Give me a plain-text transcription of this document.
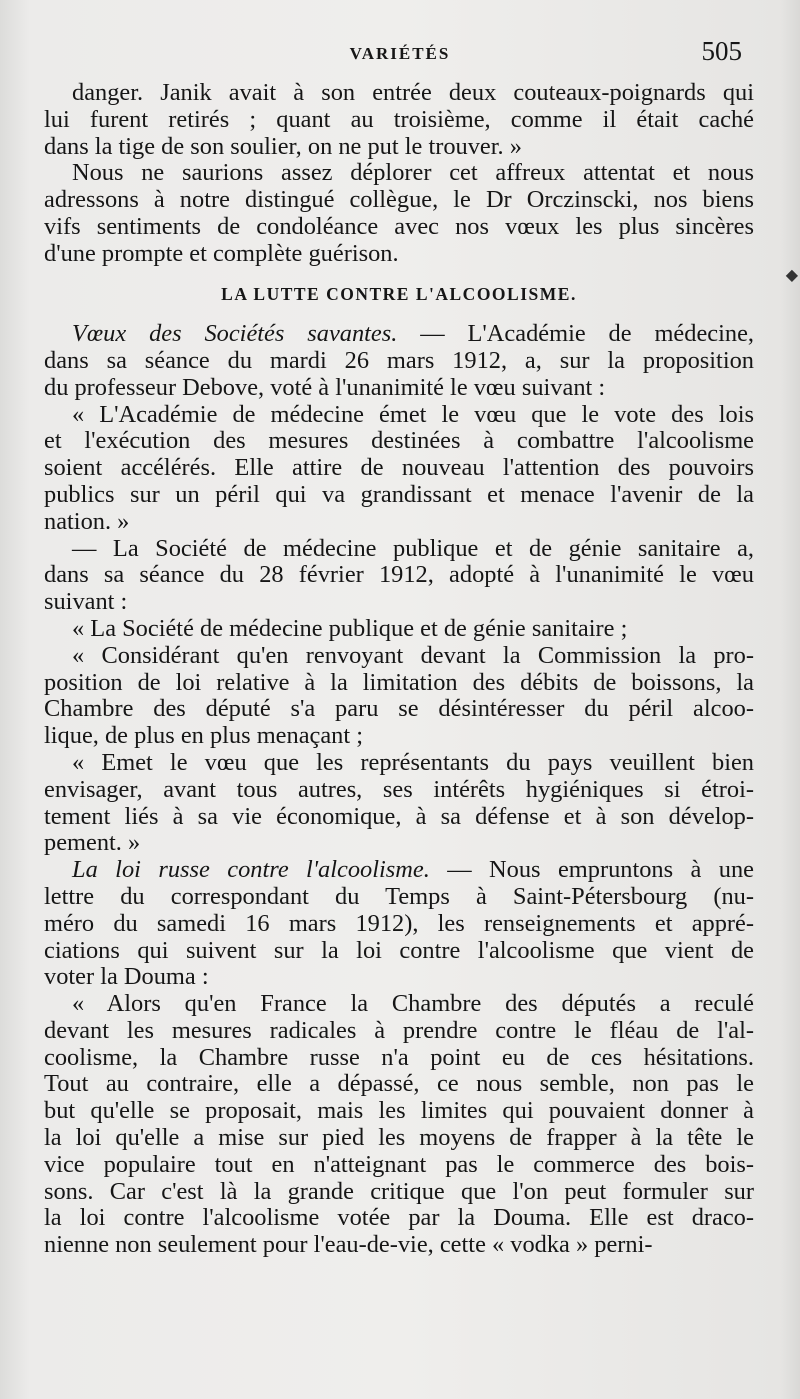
VARIÉTÉS	505
danger. Janik avait à son entrée deux couteaux-poignards qui
lui furent retirés ; quant au troisième, comme il était caché
dans la tige de son soulier, on ne put le trouver. »
Nous ne saurions assez déplorer cet affreux attentat et nous
adressons à notre distingué collègue, le Dr Orczinscki, nos biens
vifs sentiments de condoléance avec nos vœux les plus sincères
d'une prompte et complète guérison.
LA LUTTE CONTRE L'ALCOOLISME.
Vœux des Sociétés savantes. — L'Académie de médecine,
dans sa séance du mardi 26 mars 1912, a, sur la proposition
du professeur Debove, voté à l'unanimité le vœu suivant :
« L'Académie de médecine émet le vœu que le vote des lois
et l'exécution des mesures destinées à combattre l'alcoolisme
soient accélérés. Elle attire de nouveau l'attention des pouvoirs
publics sur un péril qui va grandissant et menace l'avenir de la
nation. »
— La Société de médecine publique et de génie sanitaire a,
dans sa séance du 28 février 1912, adopté à l'unanimité le vœu
suivant :
« La Société de médecine publique et de génie sanitaire ;
« Considérant qu'en renvoyant devant la Commission la pro-
position de loi relative à la limitation des débits de boissons, la
Chambre des député s'a paru se désintéresser du péril alcoo-
lique, de plus en plus menaçant ;
« Emet le vœu que les représentants du pays veuillent bien
envisager, avant tous autres, ses intérêts hygiéniques si étroi-
tement liés à sa vie économique, à sa défense et à son dévelop-
pement. »
La loi russe contre l'alcoolisme. — Nous empruntons à une
lettre du correspondant du Temps à Saint-Pétersbourg (nu-
méro du samedi 16 mars 1912), les renseignements et appré-
ciations qui suivent sur la loi contre l'alcoolisme que vient de
voter la Douma :
« Alors qu'en France la Chambre des députés a reculé
devant les mesures radicales à prendre contre le fléau de l'al-
coolisme, la Chambre russe n'a point eu de ces hésitations.
Tout au contraire, elle a dépassé, ce nous semble, non pas le
but qu'elle se proposait, mais les limites qui pouvaient donner à
la loi qu'elle a mise sur pied les moyens de frapper à la tête le
vice populaire tout en n'atteignant pas le commerce des bois-
sons. Car c'est là la grande critique que l'on peut formuler sur
la loi contre l'alcoolisme votée par la Douma. Elle est draco-
nienne non seulement pour l'eau-de-vie, cette « vodka » perni-
◆
